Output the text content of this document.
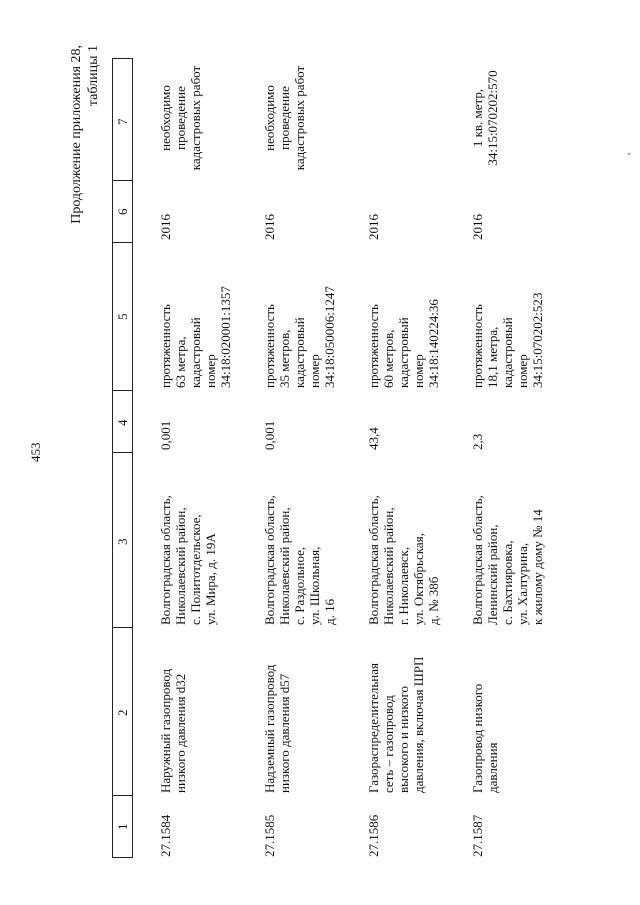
453
Продолжение приложения 28,
таблицы 1
1
2
3
4
5
6
7
27.1584
Наружный газопровод
низкого давления d32
Волгоградская область,
Николаевский район,
с. Политотдельское,
ул. Мира, д. 19А
0,001
протяженность
63 метра,
кадастровый
номер
34:18:020001:1357
2016
необходимо
проведение
кадастровых работ
27.1585
Надземный газопровод
низкого давления d57
Волгоградская область,
Николаевский район,
с. Раздольное,
ул. Школьная,
д. 16
0,001
протяженность
35 метров,
кадастровый
номер
34:18:050006:1247
2016
необходимо
проведение
кадастровых работ
27.1586
Газораспределительная
сеть – газопровод
высокого и низкого
давления, включая ШРП
Волгоградская область,
Николаевский район,
г. Николаевск,
ул. Октябрьская,
д. № 38б
43,4
протяженность
60 метров,
кадастровый
номер
34:18:140224:36
2016
27.1587
Газопровод низкого
давления
Волгоградская область,
Ленинский район,
с. Бахтияровка,
ул. Халтурина,
к жилому дому № 14
2,3
протяженность
18,1 метра,
кадастровый
номер
34:15:070202:523
2016
1 кв. метр,
34:15:070202:570
